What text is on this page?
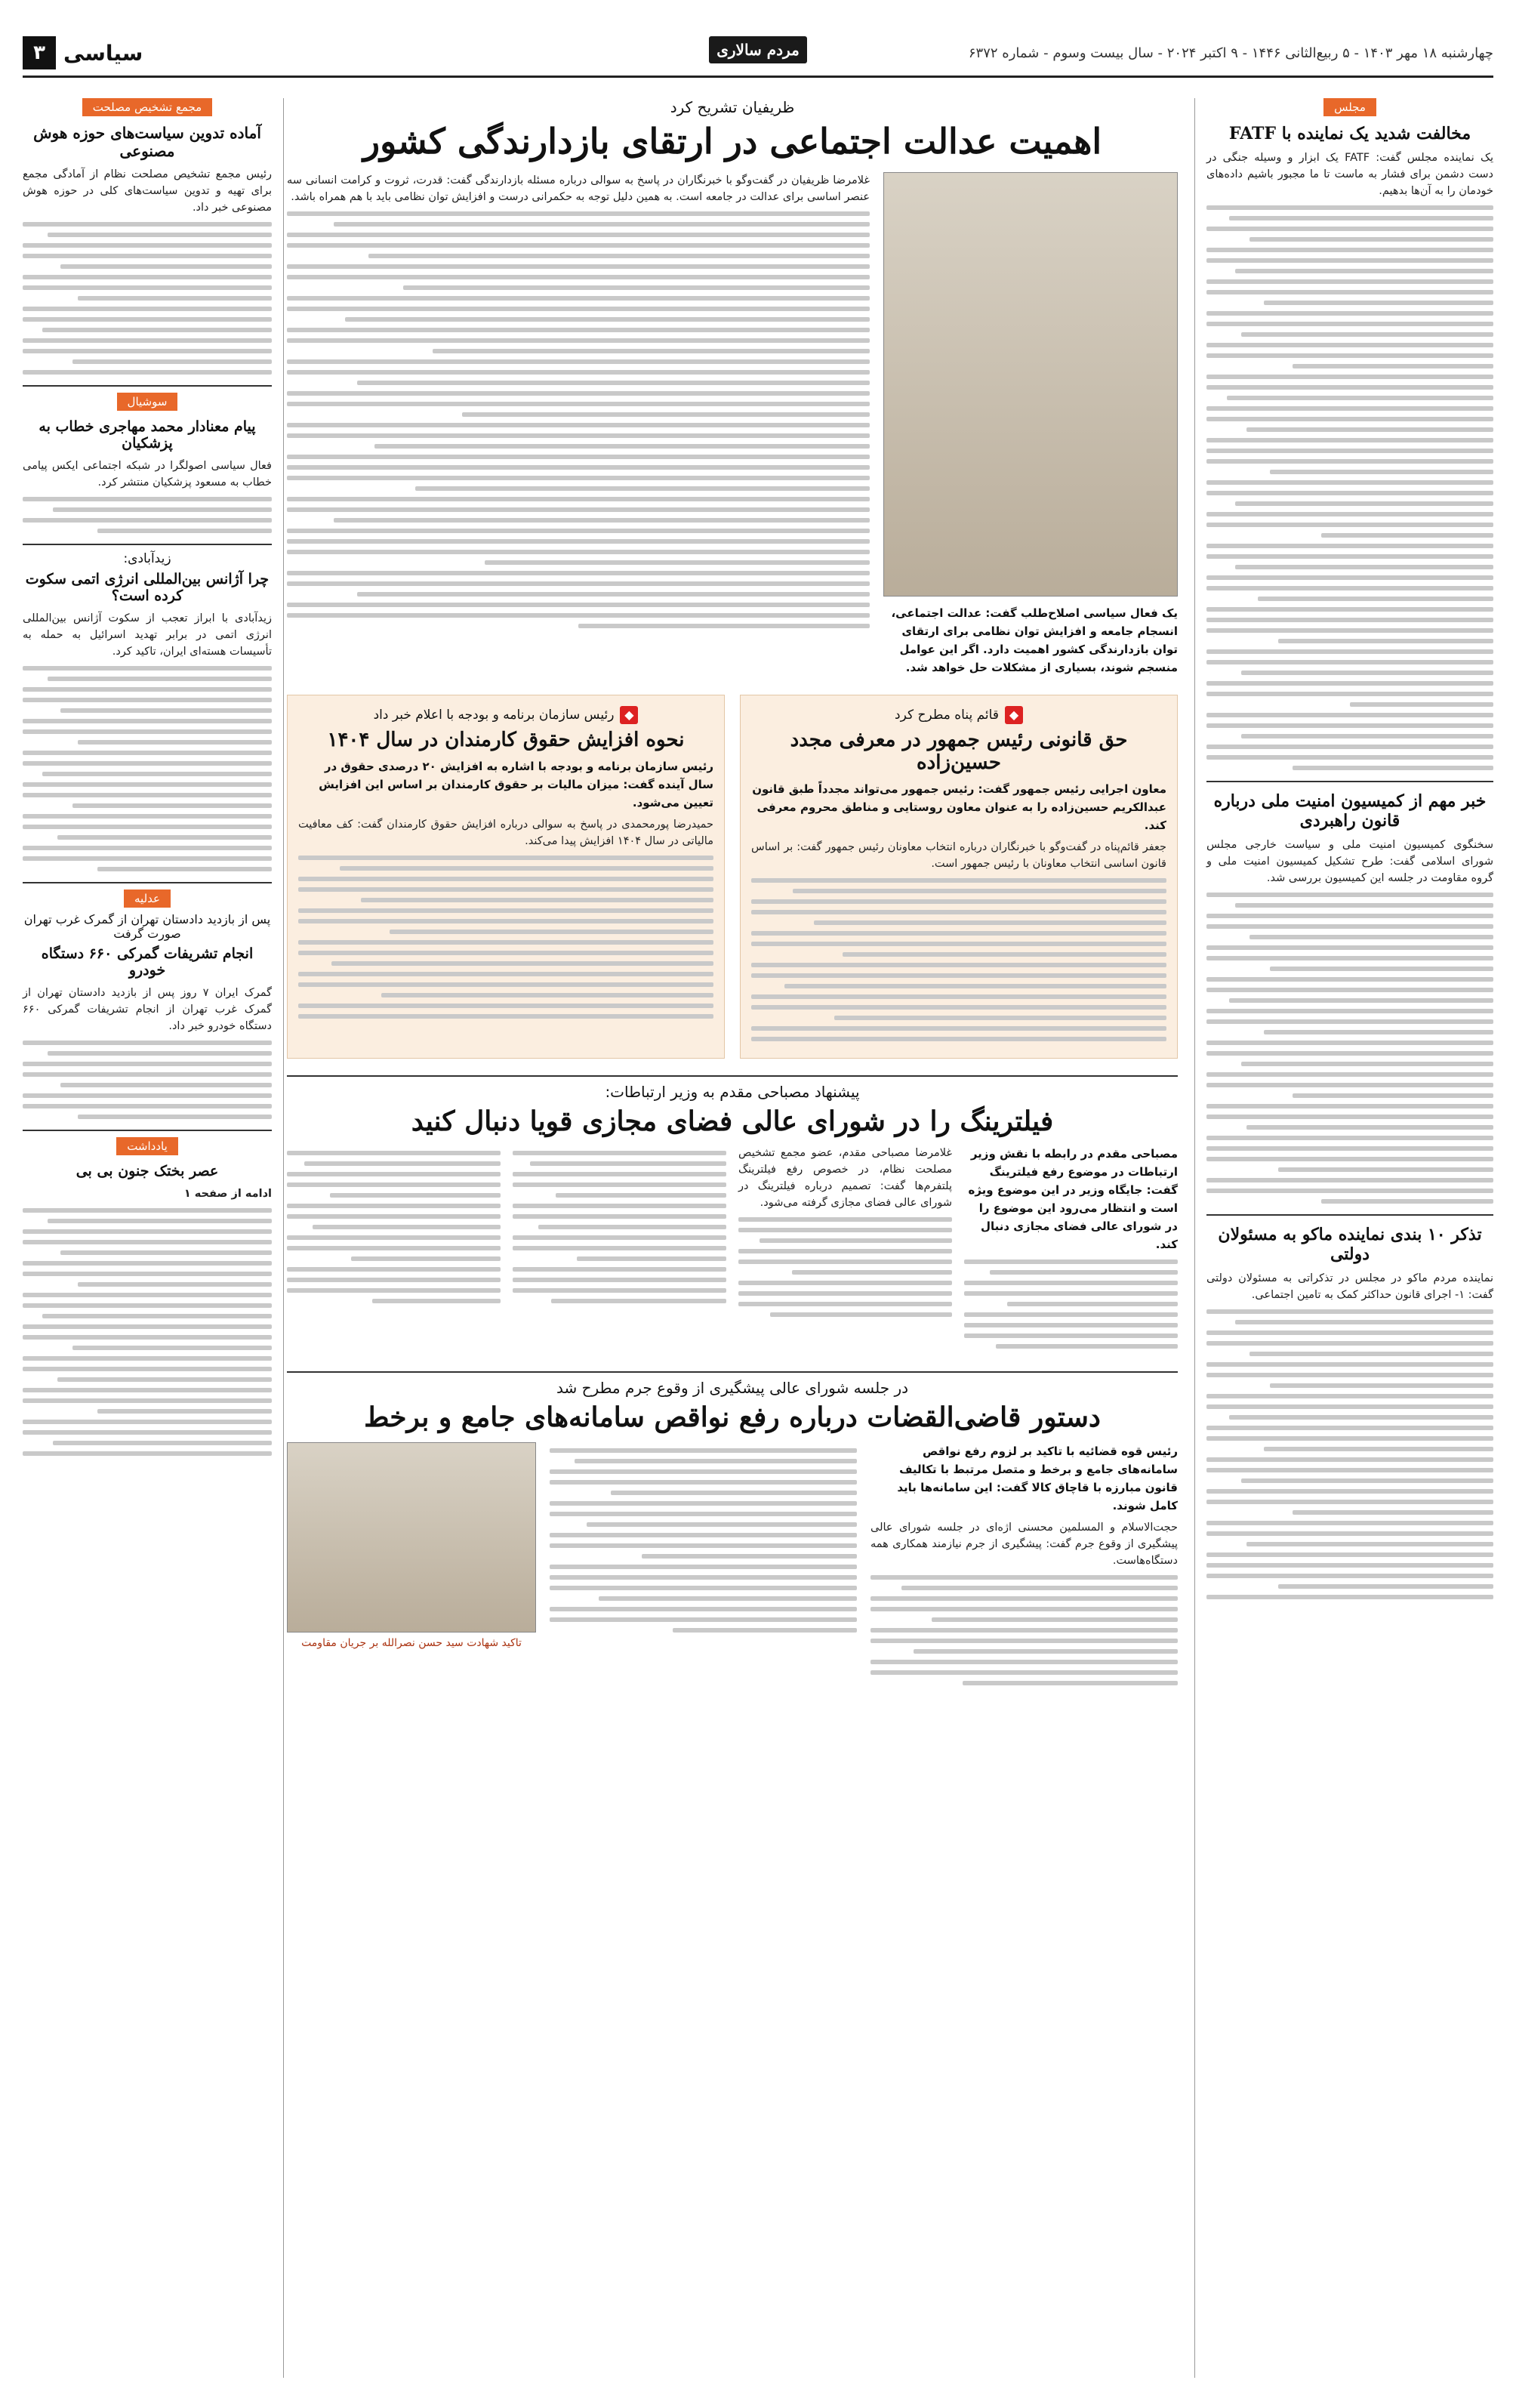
چهارشنبه ۱۸ مهر ۱۴۰۳ - ۵ ربیع‌الثانی ۱۴۴۶ - ۹ اکتبر ۲۰۲۴ - سال بیست وسوم - شماره ۶۳۷۲
مردم سالاری
سیاسی
۳
مجلس
مخالفت شدید یک نماینده با FATF
یک نماینده مجلس گفت: FATF یک ابزار و وسیله جنگی در دست دشمن برای فشار به ماست تا ما مجبور باشیم داده‌های خودمان را به آن‌ها بدهیم.
خبر مهم از کمیسیون امنیت ملی درباره قانون راهبردی
سخنگوی کمیسیون امنیت ملی و سیاست خارجی مجلس شورای اسلامی گفت: طرح تشکیل کمیسیون امنیت ملی و گروه مقاومت در جلسه این کمیسیون بررسی شد.
تذکر ۱۰ بندی نماینده ماکو به مسئولان دولتی
نماینده مردم ماکو در مجلس در تذکراتی به مسئولان دولتی گفت: ۱- اجرای قانون حداکثر کمک به تامین اجتماعی.
ظریفیان تشریح کرد
اهمیت عدالت اجتماعی در ارتقای بازدارندگی کشور
یک فعال سیاسی اصلاح‌طلب گفت: عدالت اجتماعی، انسجام جامعه و افزایش توان نظامی برای ارتقای توان بازدارندگی کشور اهمیت دارد. اگر این عوامل منسجم شوند، بسیاری از مشکلات حل خواهد شد.
غلامرضا ظریفیان در گفت‌وگو با خبرنگاران در پاسخ به سوالی درباره مسئله بازدارندگی گفت: قدرت، ثروت و کرامت انسانی سه عنصر اساسی برای عدالت در جامعه است. به همین دلیل توجه به حکمرانی درست و افزایش توان نظامی باید با هم همراه باشد.
◆قائم پناه مطرح کرد
حق قانونی رئیس جمهور در معرفی مجدد حسین‌زاده
معاون اجرایی رئیس جمهور گفت: رئیس جمهور می‌تواند مجدداً طبق قانون عبدالکریم حسین‌زاده را به عنوان معاون روستایی و مناطق محروم معرفی کند.
جعفر قائم‌پناه در گفت‌وگو با خبرنگاران درباره انتخاب معاونان رئیس جمهور گفت: بر اساس قانون اساسی انتخاب معاونان با رئیس جمهور است.
◆رئیس سازمان برنامه و بودجه با اعلام خبر داد
نحوه افزایش حقوق کارمندان در سال ۱۴۰۴
رئیس سازمان برنامه و بودجه با اشاره به افزایش ۲۰ درصدی حقوق در سال آینده گفت: میزان مالیات بر حقوق کارمندان بر اساس این افزایش تعیین می‌شود.
حمیدرضا پورمحمدی در پاسخ به سوالی درباره افزایش حقوق کارمندان گفت: کف معافیت مالیاتی در سال ۱۴۰۴ افزایش پیدا می‌کند.
پیشنهاد مصباحی مقدم به وزیر ارتباطات:
فیلترینگ را در شورای عالی فضای مجازی قویا دنبال کنید
مصباحی مقدم در رابطه با نقش وزیر ارتباطات در موضوع رفع فیلترینگ گفت: جایگاه وزیر در این موضوع ویژه است و انتظار می‌رود این موضوع را در شورای عالی فضای مجازی دنبال کند.
غلامرضا مصباحی مقدم، عضو مجمع تشخیص مصلحت نظام، در خصوص رفع فیلترینگ پلتفرم‌ها گفت: تصمیم درباره فیلترینگ در شورای عالی فضای مجازی گرفته می‌شود.
در جلسه شورای عالی پیشگیری از وقوع جرم مطرح شد
دستور قاضی‌القضات درباره رفع نواقص سامانه‌های جامع و برخط
رئیس قوه قضائیه با تاکید بر لزوم رفع نواقص سامانه‌های جامع و برخط و متصل مرتبط با تکالیف قانون مبارزه با قاچاق کالا گفت: این سامانه‌ها باید کامل شوند.
حجت‌الاسلام و المسلمین محسنی اژه‌ای در جلسه شورای عالی پیشگیری از وقوع جرم گفت: پیشگیری از جرم نیازمند همکاری همه دستگاه‌هاست.
تاکید شهادت سید حسن نصرالله بر جریان مقاومت
مجمع تشخیص مصلحت
آماده تدوین سیاست‌های حوزه هوش مصنوعی
رئیس مجمع تشخیص مصلحت نظام از آمادگی مجمع برای تهیه و تدوین سیاست‌های کلی در حوزه هوش مصنوعی خبر داد.
سوشیال
پیام معنادار محمد مهاجری خطاب به پزشکیان
فعال سیاسی اصولگرا در شبکه اجتماعی ایکس پیامی خطاب به مسعود پزشکیان منتشر کرد.
زیدآبادی:
چرا آژانس بین‌المللی انرژی اتمی سکوت کرده است؟
زیدآبادی با ابراز تعجب از سکوت آژانس بین‌المللی انرژی اتمی در برابر تهدید اسرائیل به حمله به تأسیسات هسته‌ای ایران، تاکید کرد.
عدلیه
پس از بازدید دادستان تهران از گمرک غرب تهران صورت گرفت
انجام تشریفات گمرکی ۶۶۰ دستگاه خودرو
گمرک ایران ۷ روز پس از بازدید دادستان تهران از گمرک غرب تهران از انجام تشریفات گمرکی ۶۶۰ دستگاه خودرو خبر داد.
یادداشت
عصر بختک جنون بی بی
ادامه از صفحه ۱
